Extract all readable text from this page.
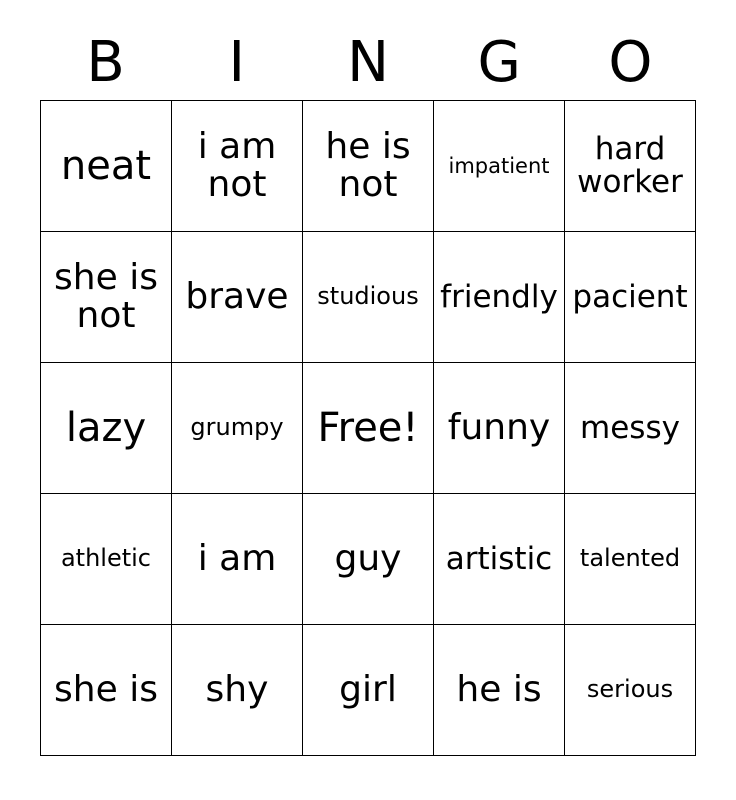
B	I	N	G	O
neat	i am not	he is not	impatient	hard worker
she is not	brave	studious	friendly	pacient
lazy	grumpy	Free!	funny	messy
athletic	i am	guy	artistic	talented
she is	shy	girl	he is	serious
